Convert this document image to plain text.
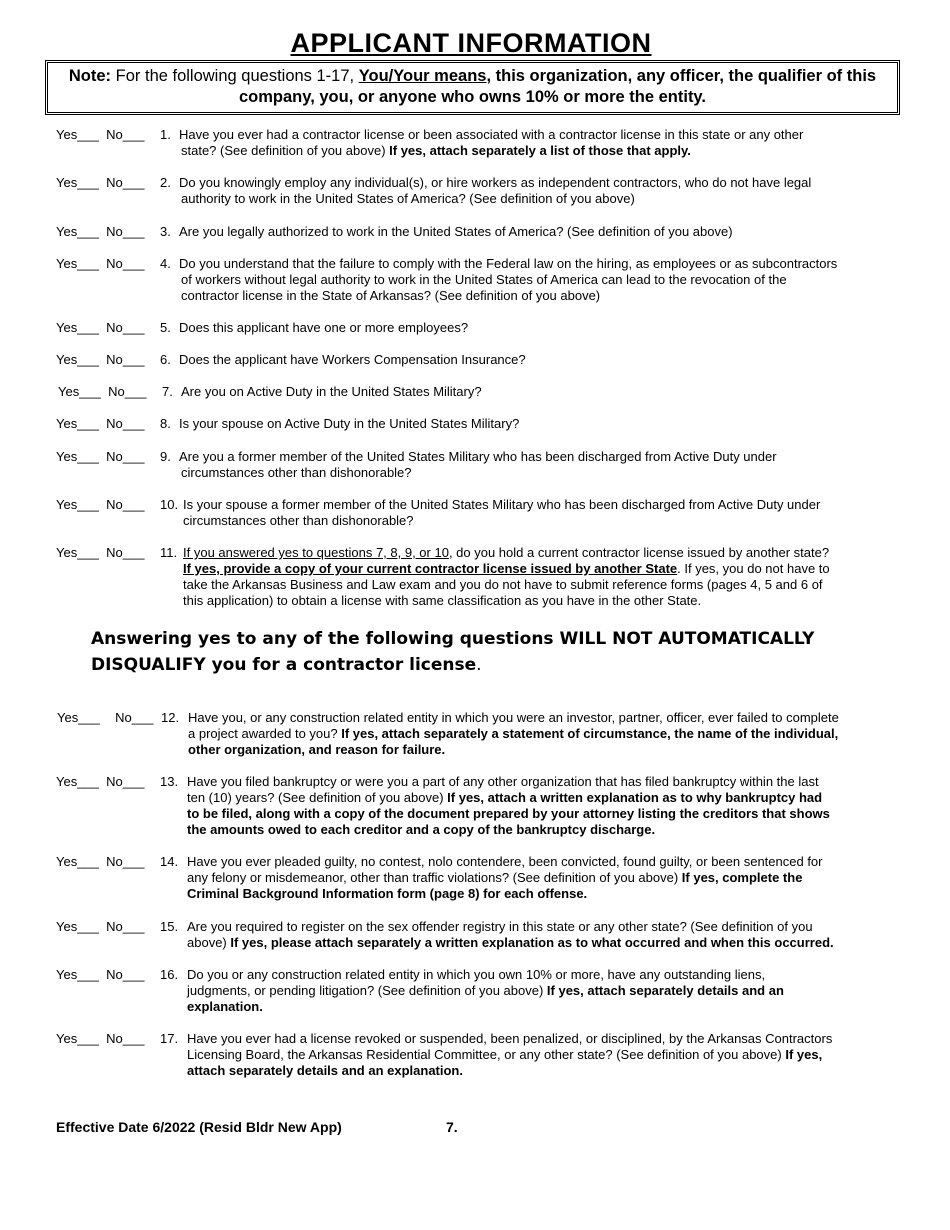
APPLICANT INFORMATION
Note: For the following questions 1-17, You/Your means, this organization, any officer, the qualifier of this company, you, or anyone who owns 10% or more the entity.
Yes___  No___ 1. Have you ever had a contractor license or been associated with a contractor license in this state or any other
state? (See definition of you above) If yes, attach separately a list of those that apply.
Yes___  No___ 2. Do you knowingly employ any individual(s), or hire workers as independent contractors, who do not have legal
authority to work in the United States of America? (See definition of you above)
Yes___  No___ 3. Are you legally authorized to work in the United States of America? (See definition of you above)
Yes___  No___ 4. Do you understand that the failure to comply with the Federal law on the hiring, as employees or as subcontractors
of workers without legal authority to work in the United States of America can lead to the revocation of the
contractor license in the State of Arkansas? (See definition of you above)
Yes___  No___ 5. Does this applicant have one or more employees?
Yes___  No___ 6. Does the applicant have Workers Compensation Insurance?
Yes___  No___ 7. Are you on Active Duty in the United States Military?
Yes___  No___ 8. Is your spouse on Active Duty in the United States Military?
Yes___  No___ 9. Are you a former member of the United States Military who has been discharged from Active Duty under
circumstances other than dishonorable?
Yes___  No___ 10. Is your spouse a former member of the United States Military who has been discharged from Active Duty under
circumstances other than dishonorable?
Yes___  No___ 11. If you answered yes to questions 7, 8, 9, or 10, do you hold a current contractor license issued by another state?
If yes, provide a copy of your current contractor license issued by another State. If yes, you do not have to
take the Arkansas Business and Law exam and you do not have to submit reference forms (pages 4, 5 and 6 of
this application) to obtain a license with same classification as you have in the other State.
Answering yes to any of the following questions WILL NOT AUTOMATICALLY
DISQUALIFY you for a contractor license.
Yes___  No___ 12. Have you, or any construction related entity in which you were an investor, partner, officer, ever failed to complete
a project awarded to you? If yes, attach separately a statement of circumstance, the name of the individual,
other organization, and reason for failure.
Yes___  No___ 13. Have you filed bankruptcy or were you a part of any other organization that has filed bankruptcy within the last
ten (10) years? (See definition of you above) If yes, attach a written explanation as to why bankruptcy had
to be filed, along with a copy of the document prepared by your attorney listing the creditors that shows
the amounts owed to each creditor and a copy of the bankruptcy discharge.
Yes___  No___ 14. Have you ever pleaded guilty, no contest, nolo contendere, been convicted, found guilty, or been sentenced for
any felony or misdemeanor, other than traffic violations? (See definition of you above) If yes, complete the
Criminal Background Information form (page 8) for each offense.
Yes___  No___ 15. Are you required to register on the sex offender registry in this state or any other state? (See definition of you
above) If yes, please attach separately a written explanation as to what occurred and when this occurred.
Yes___  No___ 16. Do you or any construction related entity in which you own 10% or more, have any outstanding liens,
judgments, or pending litigation? (See definition of you above) If yes, attach separately details and an
explanation.
Yes___  No___ 17. Have you ever had a license revoked or suspended, been penalized, or disciplined, by the Arkansas Contractors
Licensing Board, the Arkansas Residential Committee, or any other state? (See definition of you above) If yes,
attach separately details and an explanation.
Effective Date 6/2022 (Resid Bldr New App)	7.
